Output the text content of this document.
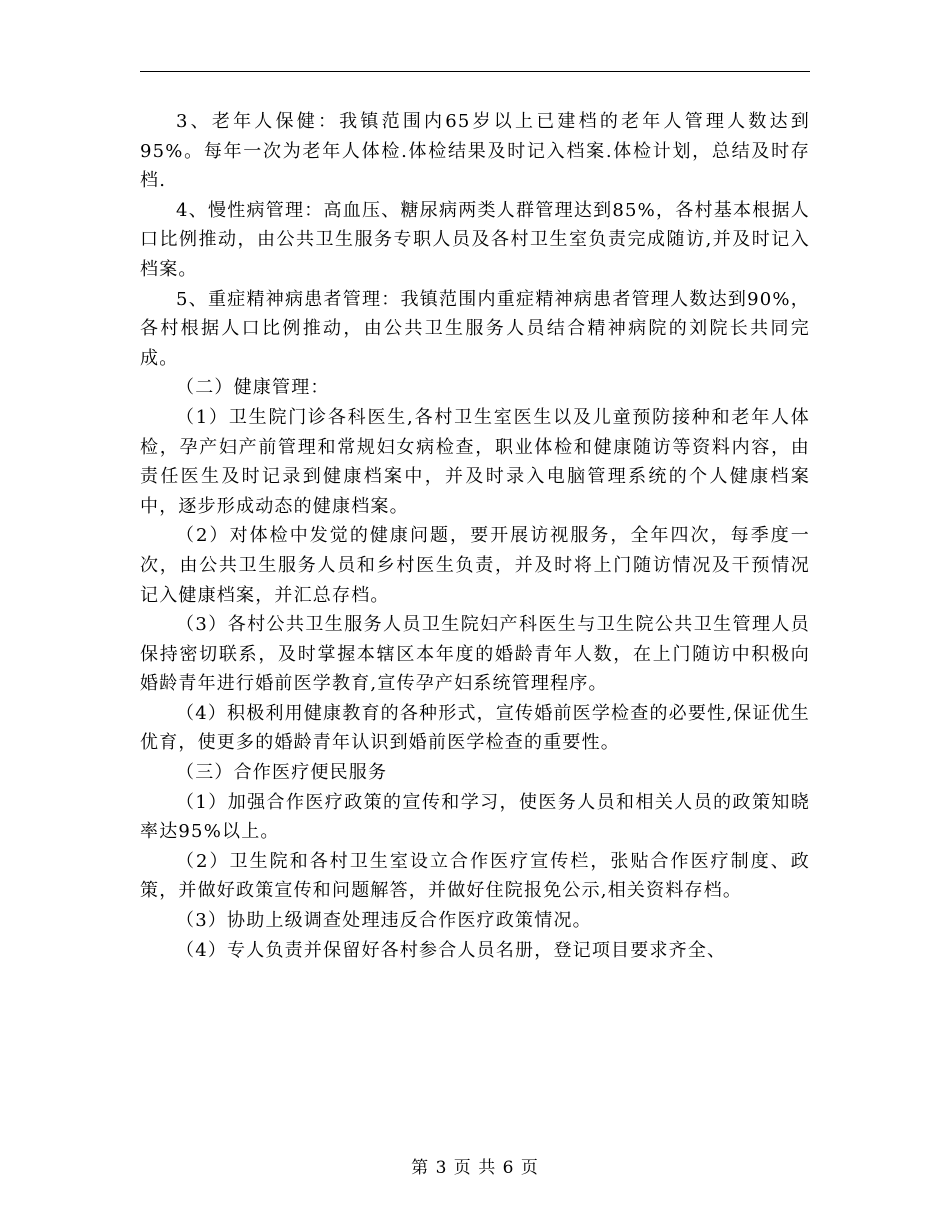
3、老年人保健：我镇范围内65岁以上已建档的老年人管理人数达到95%。每年一次为老年人体检.体检结果及时记入档案.体检计划，总结及时存档.

4、慢性病管理：高血压、糖尿病两类人群管理达到85%，各村基本根据人口比例推动，由公共卫生服务专职人员及各村卫生室负责完成随访,并及时记入档案。

5、重症精神病患者管理：我镇范围内重症精神病患者管理人数达到90%，各村根据人口比例推动，由公共卫生服务人员结合精神病院的刘院长共同完成。

（二）健康管理：

（1）卫生院门诊各科医生,各村卫生室医生以及儿童预防接种和老年人体检，孕产妇产前管理和常规妇女病检查，职业体检和健康随访等资料内容，由责任医生及时记录到健康档案中，并及时录入电脑管理系统的个人健康档案中，逐步形成动态的健康档案。

（2）对体检中发觉的健康问题，要开展访视服务，全年四次，每季度一次，由公共卫生服务人员和乡村医生负责，并及时将上门随访情况及干预情况记入健康档案，并汇总存档。

（3）各村公共卫生服务人员卫生院妇产科医生与卫生院公共卫生管理人员保持密切联系，及时掌握本辖区本年度的婚龄青年人数，在上门随访中积极向婚龄青年进行婚前医学教育,宣传孕产妇系统管理程序。

（4）积极利用健康教育的各种形式，宣传婚前医学检查的必要性,保证优生优育，使更多的婚龄青年认识到婚前医学检查的重要性。

（三）合作医疗便民服务

（1）加强合作医疗政策的宣传和学习，使医务人员和相关人员的政策知晓率达95%以上。

（2）卫生院和各村卫生室设立合作医疗宣传栏，张贴合作医疗制度、政策，并做好政策宣传和问题解答，并做好住院报免公示,相关资料存档。

（3）协助上级调查处理违反合作医疗政策情况。

（4）专人负责并保留好各村参合人员名册，登记项目要求齐全、

第 3 页 共 6 页
